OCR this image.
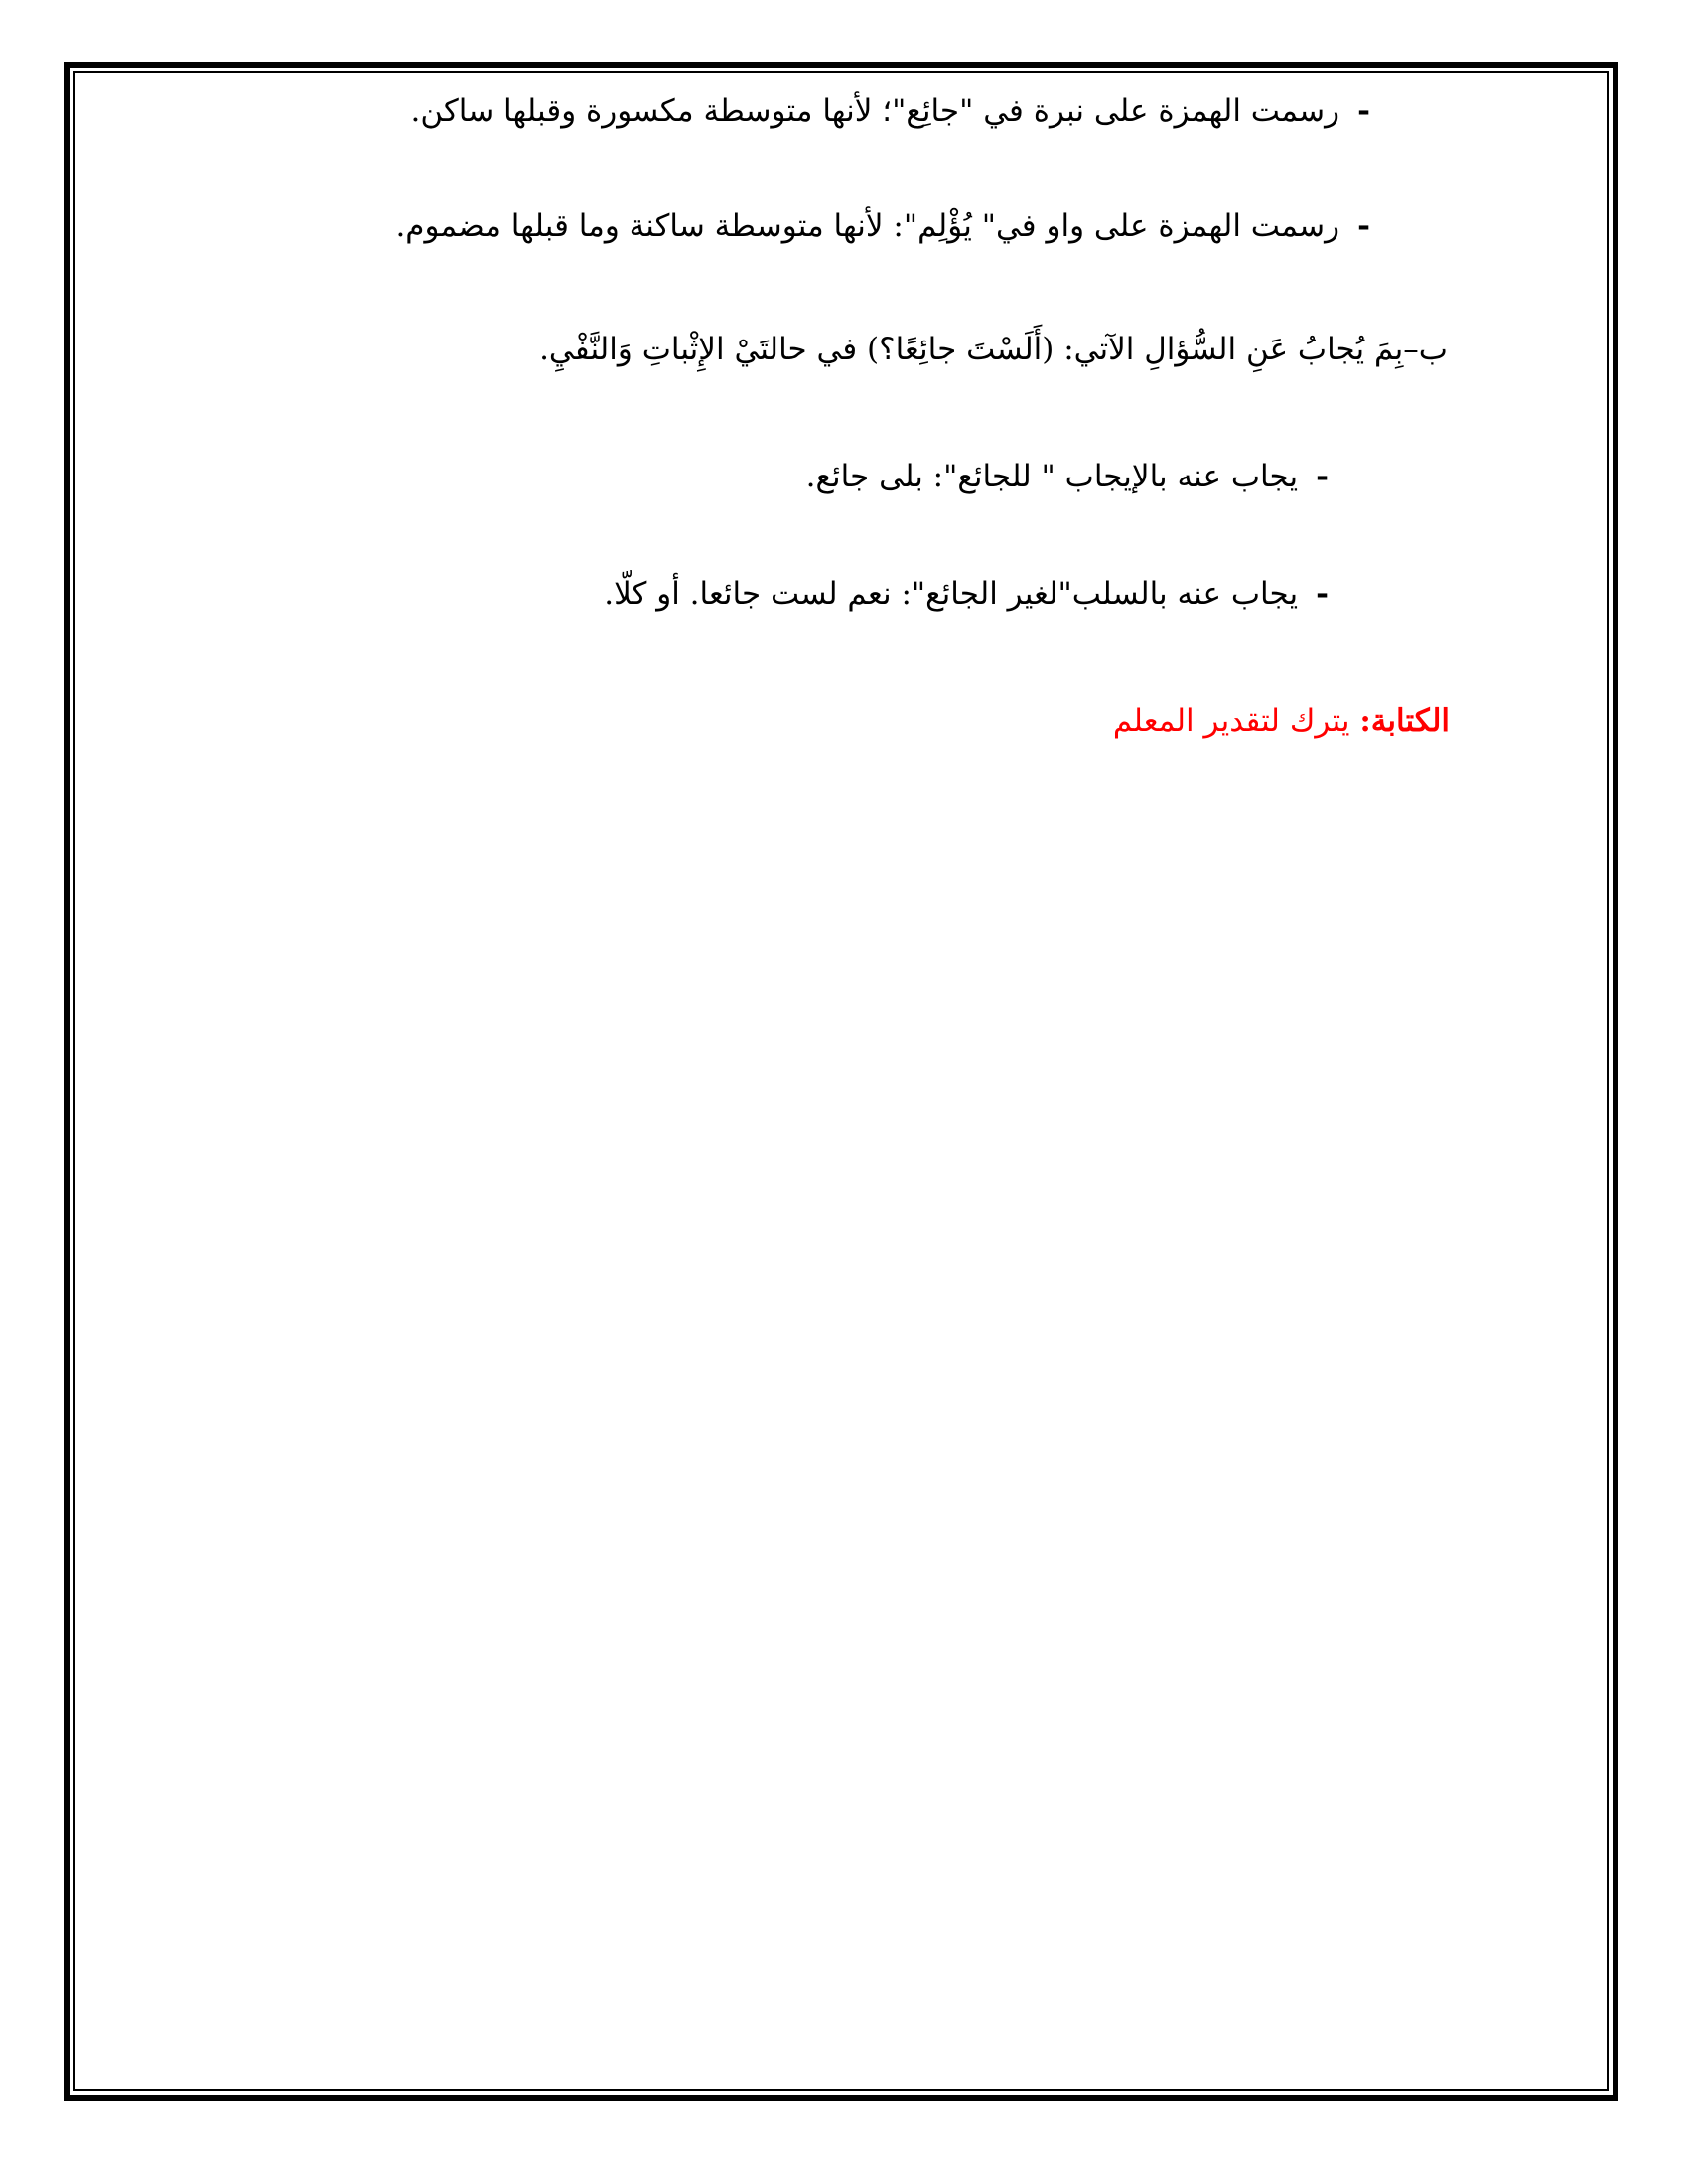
-رسمت الهمزة على نبرة في "جائِع"؛ لأنها متوسطة مكسورة وقبلها ساكن.
-رسمت الهمزة على واو في" يُؤْلِم": لأنها متوسطة ساكنة وما قبلها مضموم.
ب–بِمَ يُجابُ عَنِ السُّؤالِ الآتي: (أَلَسْتَ جائِعًا؟) في حالتَيْ الإِثْباتِ وَالنَّفْيِ.
-يجاب عنه بالإيجاب " للجائع": بلى جائع.
-يجاب عنه بالسلب"لغير الجائع": نعم لست جائعا. أو كلّا.
الكتابة: يترك لتقدير المعلم
